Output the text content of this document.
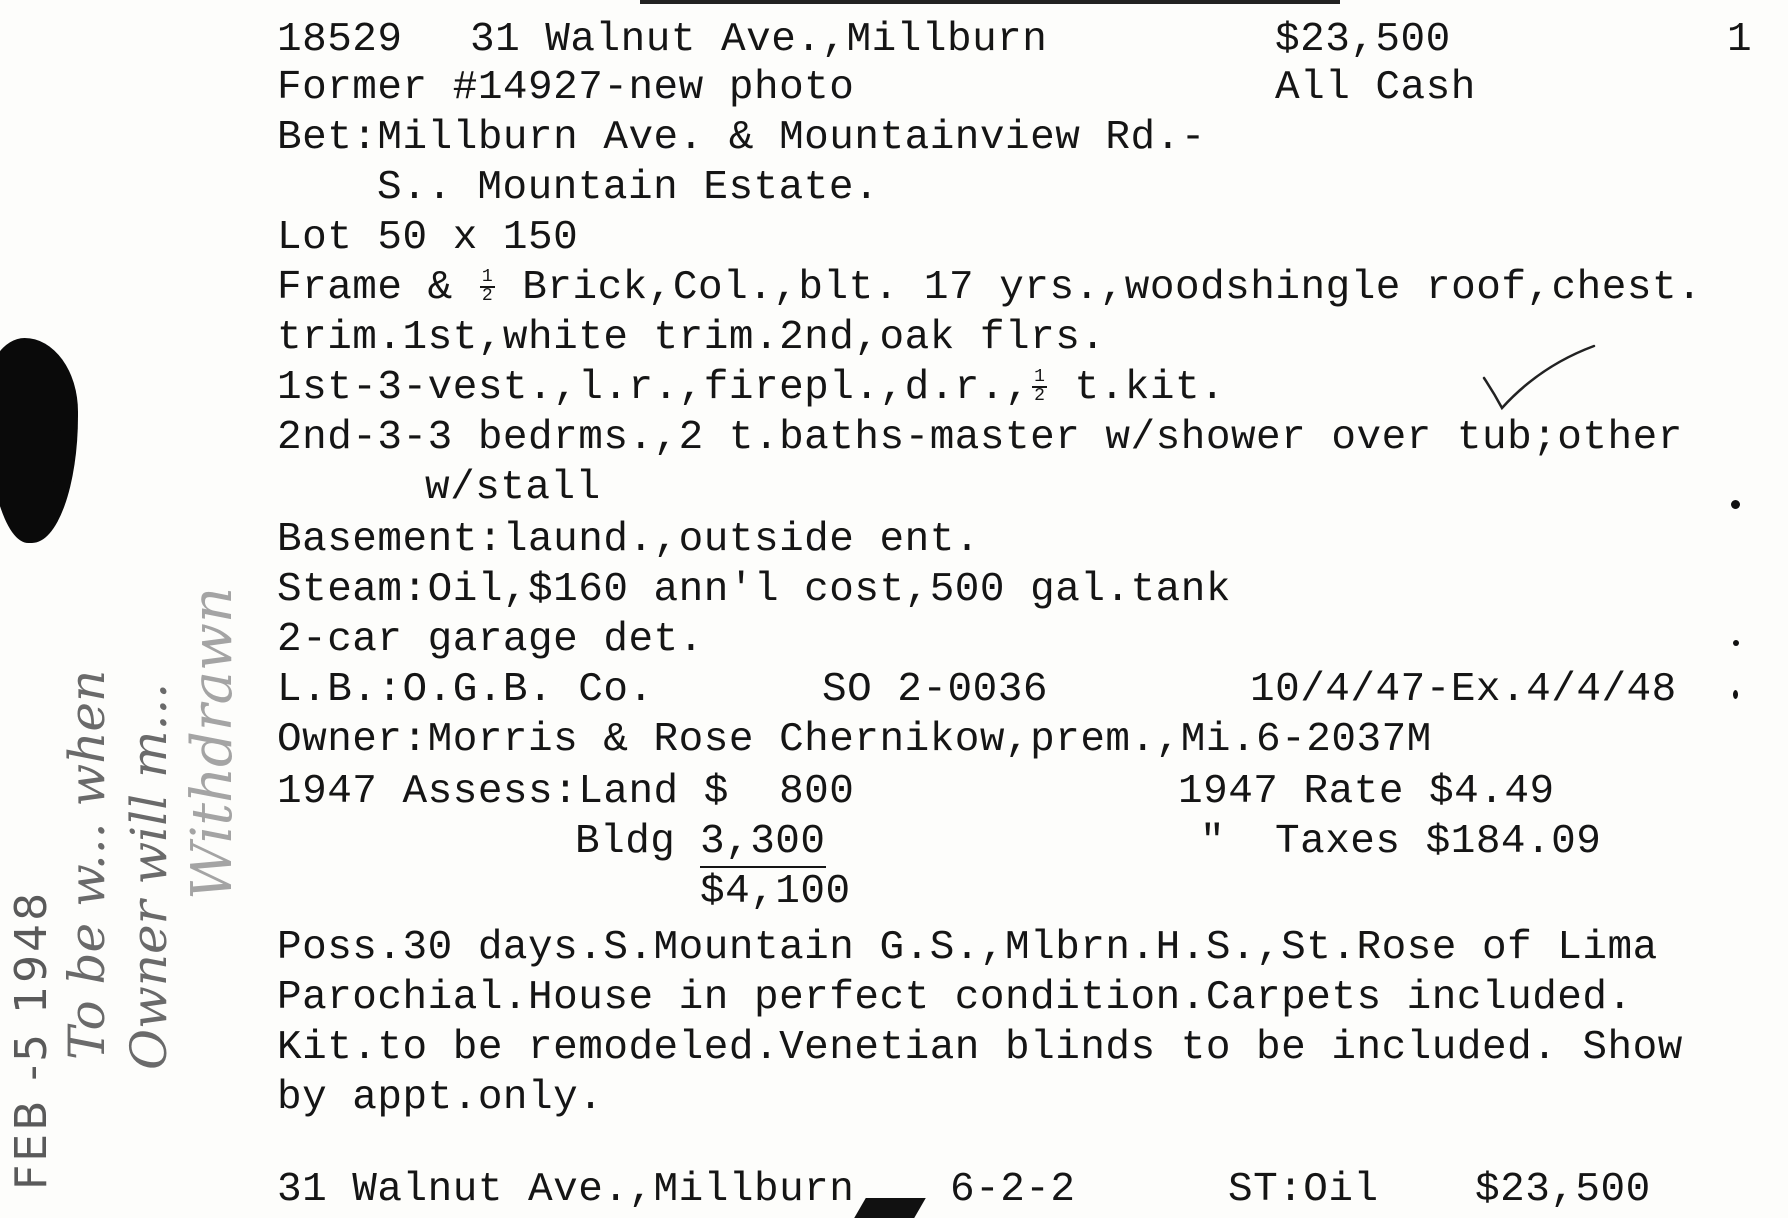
18529 31 Walnut Ave.,Millburn	$23,500	1
Former #14927-new photo	All Cash
Bet:Millburn Ave. & Mountainview Rd.-
S.. Mountain Estate.
Lot 50 x 150
Frame & $\frac{1}{2}$ Brick,Col.,blt. 17 yrs.,woodshingle roof,chest.
trim.1st,white trim.2nd,oak flrs.
1st-3-vest.,l.r.,firepl.,d.r., $\frac{1}{2} t.kit$.
2nd-3-3 bedrms.,2 t.baths-master w/shower over tub;other
w/stall
Basement:laund.,outside ent.
Steam:Oil,$160 ann'l cost,500 gal.tank
2-car garage det.
L.B.:O.G.B. Co.	SO 2-0036	10/4/47-Ex.4/4/48
Owner:Morris & Rose Chernikow,prem.,Mi.6-2037M
1947 Assess:Land $  800	1947 Rate $4.49
Bldg 3,300	" Taxes $184.09
$4,100
Poss.30 days.S.Mountain G.S.,Mlbrn.H.S.,St.Rose of Lima
Parochial.House in perfect condition.Carpets included.
Kit.to be remodeled.Venetian blinds to be included. Show
by appt.only.
31 Walnut Ave.,Millburn 6-2-2	ST:Oil $23,500
FEB -5 1948 To be w... when Owner will m... Withdrawn
